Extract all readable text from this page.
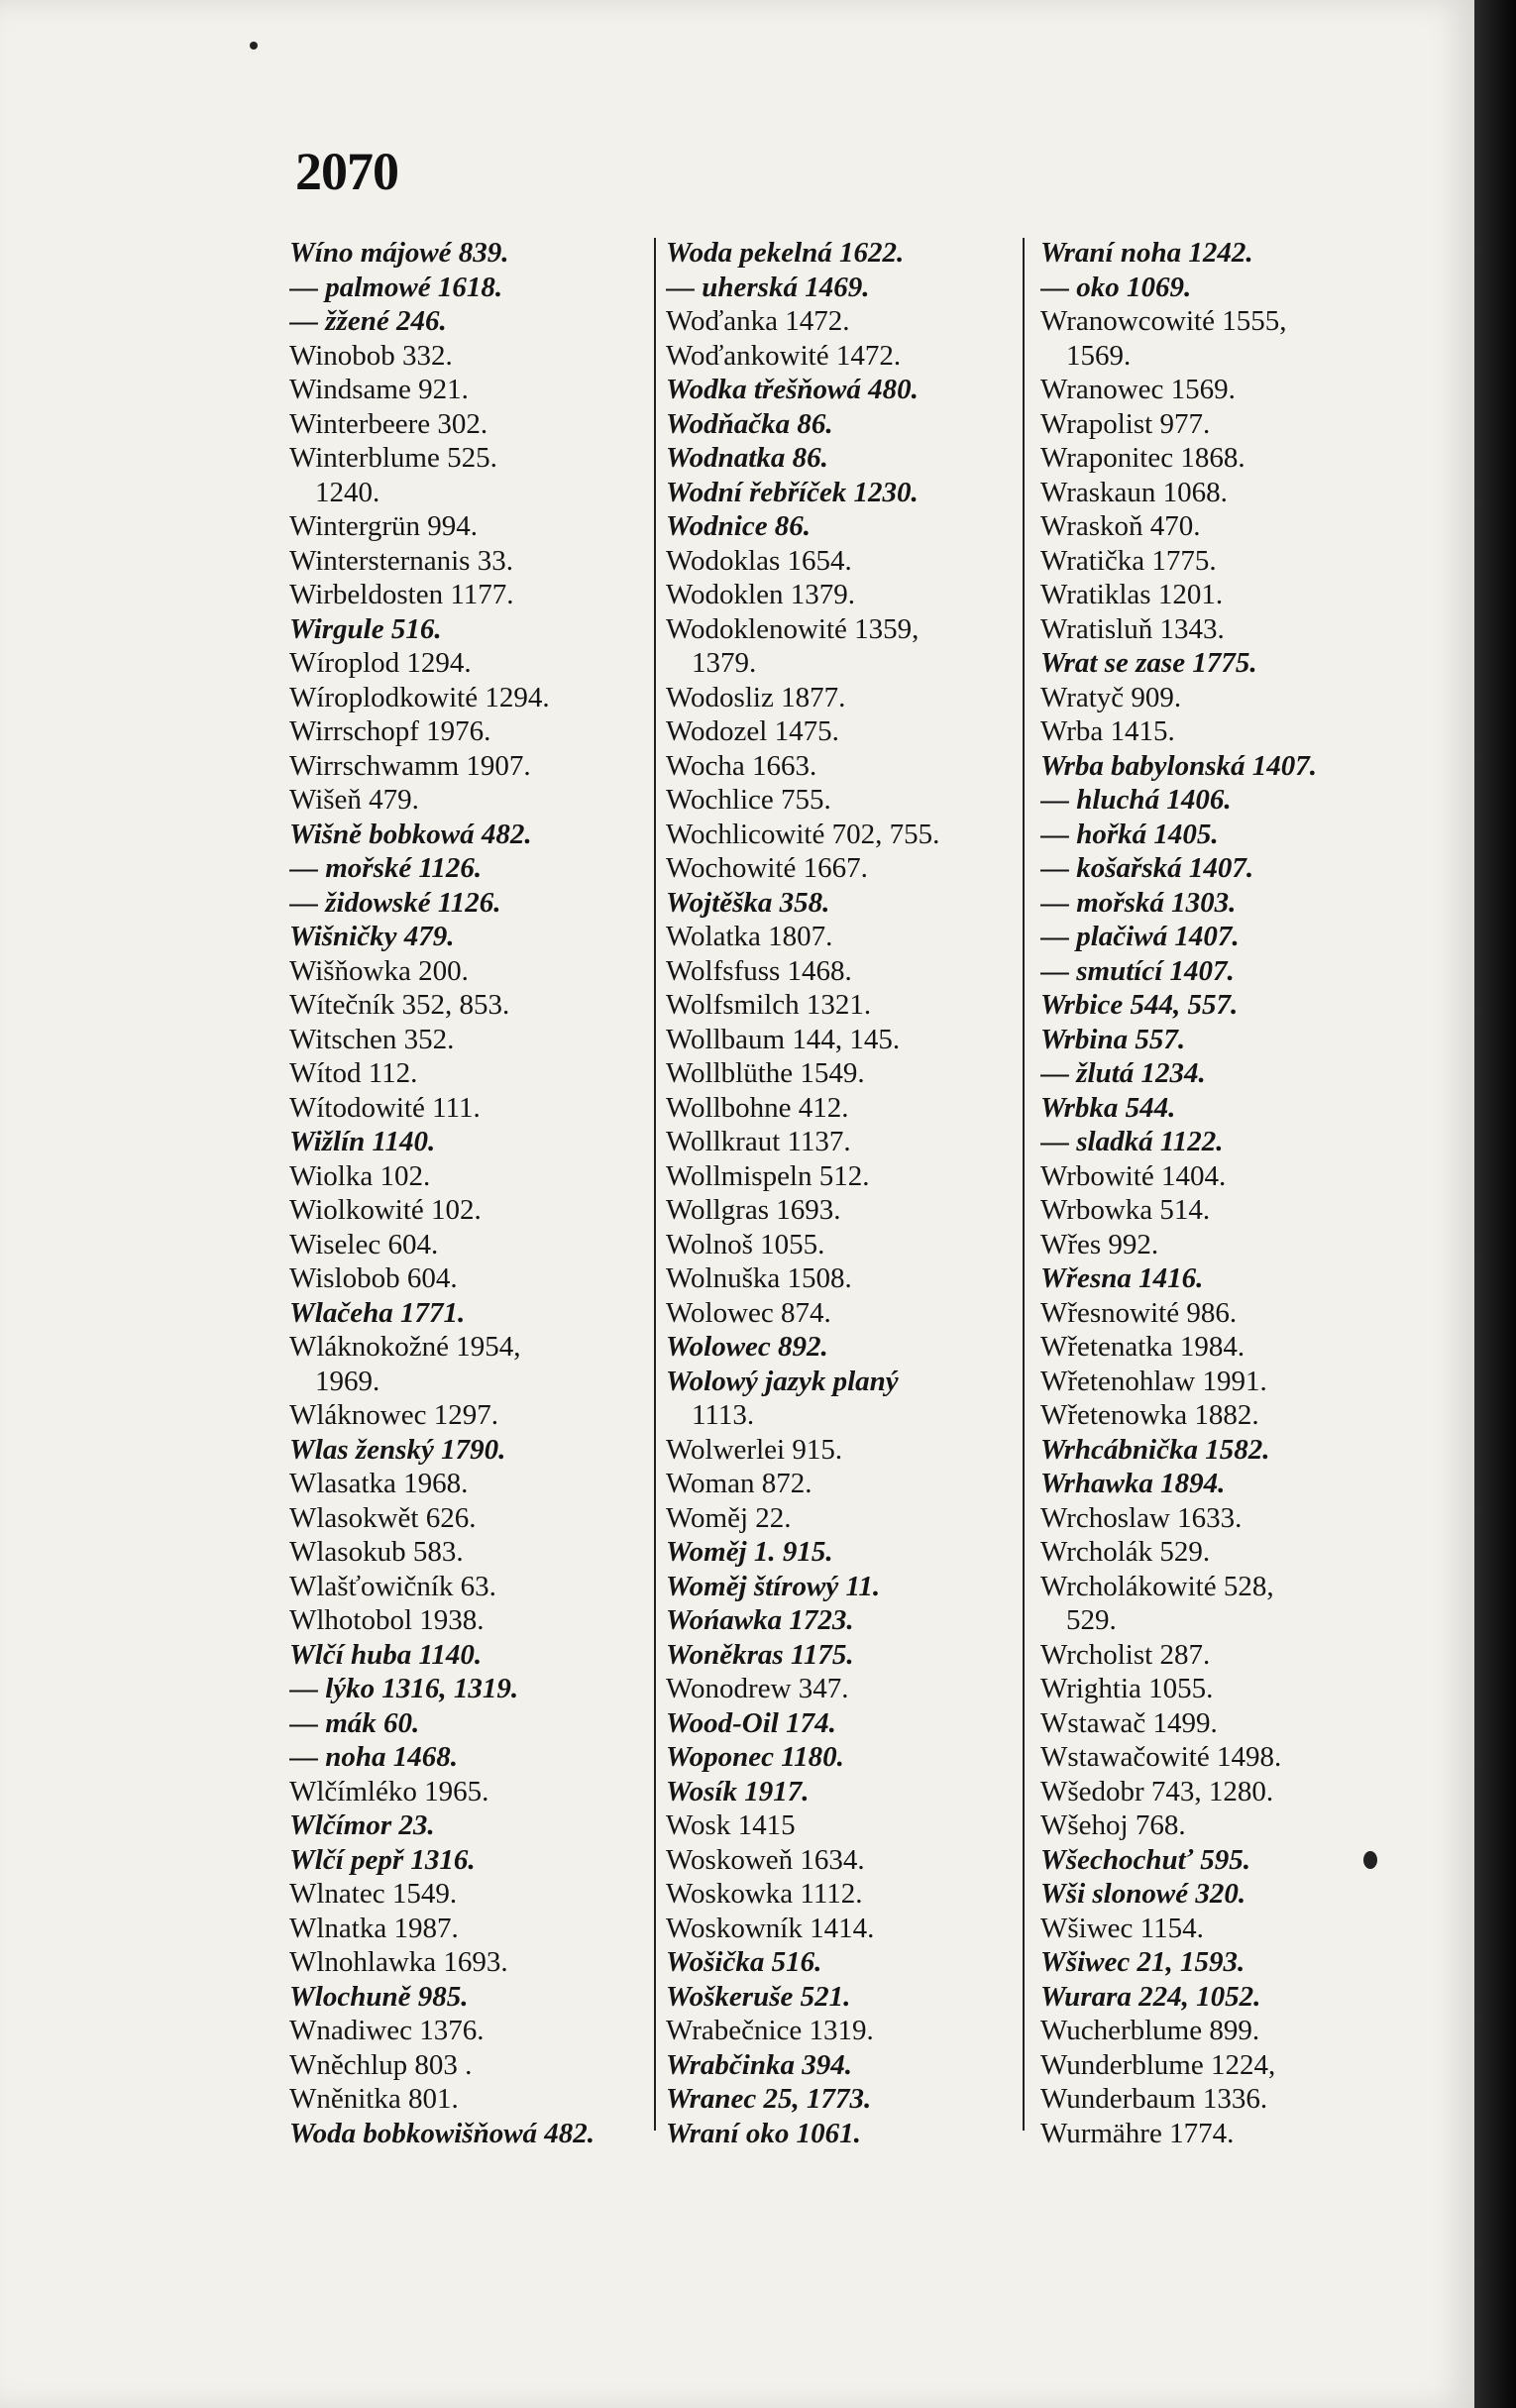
2070
Wíno májowé 839.
— palmowé 1618.
— žžené 246.
Winobob 332.
Windsame 921.
Winterbeere 302.
Winterblume 525.
1240.
Wintergrün 994.
Wintersternanis 33.
Wirbeldosten 1177.
Wirgule 516.
Wíroplod 1294.
Wíroplodkowité 1294.
Wirrschopf 1976.
Wirrschwamm 1907.
Wišeň 479.
Wišně bobkowá 482.
— mořské 1126.
— židowské 1126.
Wišničky 479.
Wišňowka 200.
Wítečník 352, 853.
Witschen 352.
Wítod 112.
Wítodowité 111.
Wižlín 1140.
Wiolka 102.
Wiolkowité 102.
Wiselec 604.
Wislobob 604.
Wlačeha 1771.
Wláknokožné 1954,
1969.
Wláknowec 1297.
Wlas ženský 1790.
Wlasatka 1968.
Wlasokwět 626.
Wlasokub 583.
Wlašťowičník 63.
Wlhotobol 1938.
Wlčí huba 1140.
— lýko 1316, 1319.
— mák 60.
— noha 1468.
Wlčímléko 1965.
Wlčímor 23.
Wlčí pepř 1316.
Wlnatec 1549.
Wlnatka 1987.
Wlnohlawka 1693.
Wlochuně 985.
Wnadiwec 1376.
Wněchlup 803 .
Wněnitka 801.
Woda bobkowišňowá 482.
Woda pekelná 1622.
— uherská 1469.
Woďanka 1472.
Woďankowité 1472.
Wodka třešňowá 480.
Wodňačka 86.
Wodnatka 86.
Wodní řebříček 1230.
Wodnice 86.
Wodoklas 1654.
Wodoklen 1379.
Wodoklenowité 1359,
1379.
Wodosliz 1877.
Wodozel 1475.
Wocha 1663.
Wochlice 755.
Wochlicowité 702, 755.
Wochowité 1667.
Wojtěška 358.
Wolatka 1807.
Wolfsfuss 1468.
Wolfsmilch 1321.
Wollbaum 144, 145.
Wollblüthe 1549.
Wollbohne 412.
Wollkraut 1137.
Wollmispeln 512.
Wollgras 1693.
Wolnoš 1055.
Wolnuška 1508.
Wolowec 874.
Wolowec 892.
Wolowý jazyk planý
1113.
Wolwerlei 915.
Woman 872.
Woměj 22.
Woměj 1. 915.
Woměj štírowý 11.
Wońawka 1723.
Woněkras 1175.
Wonodrew 347.
Wood-Oil 174.
Woponec 1180.
Wosík 1917.
Wosk 1415
Woskoweň 1634.
Woskowka 1112.
Woskowník 1414.
Wošička 516.
Woškeruše 521.
Wrabečnice 1319.
Wrabčinka 394.
Wranec 25, 1773.
Wraní oko 1061.
Wraní noha 1242.
— oko 1069.
Wranowcowité 1555,
1569.
Wranowec 1569.
Wrapolist 977.
Wraponitec 1868.
Wraskaun 1068.
Wraskoň 470.
Wratička 1775.
Wratiklas 1201.
Wratisluň 1343.
Wrat se zase 1775.
Wratyč 909.
Wrba 1415.
Wrba babylonská 1407.
— hluchá 1406.
— hořká 1405.
— košařská 1407.
— mořská 1303.
— plačiwá 1407.
— smutící 1407.
Wrbice 544, 557.
Wrbina 557.
— žlutá 1234.
Wrbka 544.
— sladká 1122.
Wrbowité 1404.
Wrbowka 514.
Wřes 992.
Wřesna 1416.
Wřesnowité 986.
Wřetenatka 1984.
Wřetenohlaw 1991.
Wřetenowka 1882.
Wrhcábnička 1582.
Wrhawka 1894.
Wrchoslaw 1633.
Wrcholák 529.
Wrcholákowité 528,
529.
Wrcholist 287.
Wrightia 1055.
Wstawač 1499.
Wstawačowité 1498.
Wšedobr 743, 1280.
Wšehoj 768.
Wšechochuť 595.
Wši slonowé 320.
Wšiwec 1154.
Wšiwec 21, 1593.
Wurara 224, 1052.
Wucherblume 899.
Wunderblume 1224,
Wunderbaum 1336.
Wurmähre 1774.
